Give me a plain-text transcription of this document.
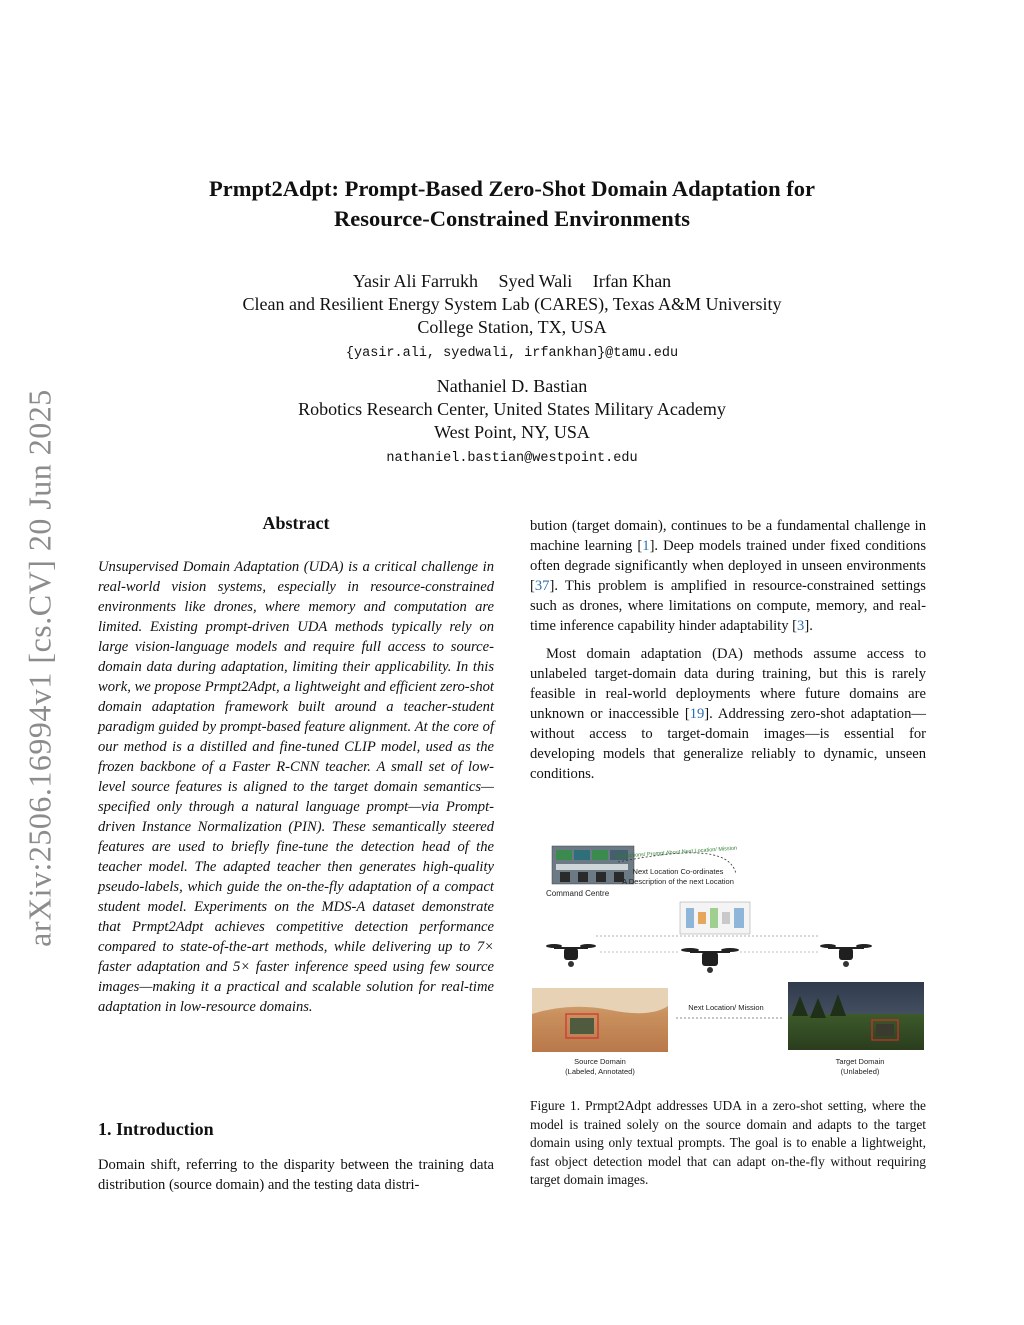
arXiv:2506.16994v1 [cs.CV] 20 Jun 2025
Prmpt2Adpt: Prompt-Based Zero-Shot Domain Adaptation for
Resource-Constrained Environments
Yasir Ali Farrukh Syed Wali Irfan Khan
Clean and Resilient Energy System Lab (CARES), Texas A&M University
College Station, TX, USA
{yasir.ali, syedwali, irfankhan}@tamu.edu
Nathaniel D. Bastian
Robotics Research Center, United States Military Academy
West Point, NY, USA
nathaniel.bastian@westpoint.edu
Abstract
Unsupervised Domain Adaptation (UDA) is a critical challenge in real-world vision systems, especially in resource-constrained environments like drones, where memory and computation are limited. Existing prompt-driven UDA methods typically rely on large vision-language models and require full access to source-domain data during adaptation, limiting their applicability. In this work, we propose Prmpt2Adpt, a lightweight and efficient zero-shot domain adaptation framework built around a teacher-student paradigm guided by prompt-based feature alignment. At the core of our method is a distilled and fine-tuned CLIP model, used as the frozen backbone of a Faster R-CNN teacher. A small set of low-level source features is aligned to the target domain semantics—specified only through a natural language prompt—via Prompt-driven Instance Normalization (PIN). These semantically steered features are used to briefly fine-tune the detection head of the teacher model. The adapted teacher then generates high-quality pseudo-labels, which guide the on-the-fly adaptation of a compact student model. Experiments on the MDS-A dataset demonstrate that Prmpt2Adpt achieves competitive detection performance compared to state-of-the-art methods, while delivering up to 7× faster adaptation and 5× faster inference speed using few source images—making it a practical and scalable solution for real-time adaptation in low-resource domains.
1. Introduction
Domain shift, referring to the disparity between the training data distribution (source domain) and the testing data distri-

bution (target domain), continues to be a fundamental challenge in machine learning [1]. Deep models trained under fixed conditions often degrade significantly when deployed in unseen environments [37]. This problem is amplified in resource-constrained settings such as drones, where limitations on compute, memory, and real-time inference capability hinder adaptability [3].

Most domain adaptation (DA) methods assume access to unlabeled target-domain data during training, but this is rarely feasible in real-world deployments where future domains are unknown or inaccessible [19]. Addressing zero-shot adaptation—without access to target-domain images—is essential for developing models that generalize reliably to dynamic, unseen conditions.

Command Centre
Instructions/ Prompt About Next Location/ Mission
Next Location Co-ordinates
A Description of the next Location
Source Domain
(Labeled, Annotated)
Next Location/ Mission
Target Domain
(Unlabeled)
Figure 1. Prmpt2Adpt addresses UDA in a zero-shot setting, where the model is trained solely on the source domain and adapts to the target domain using only textual prompts. The goal is to enable a lightweight, fast object detection model that can adapt on-the-fly without requiring target domain images.
